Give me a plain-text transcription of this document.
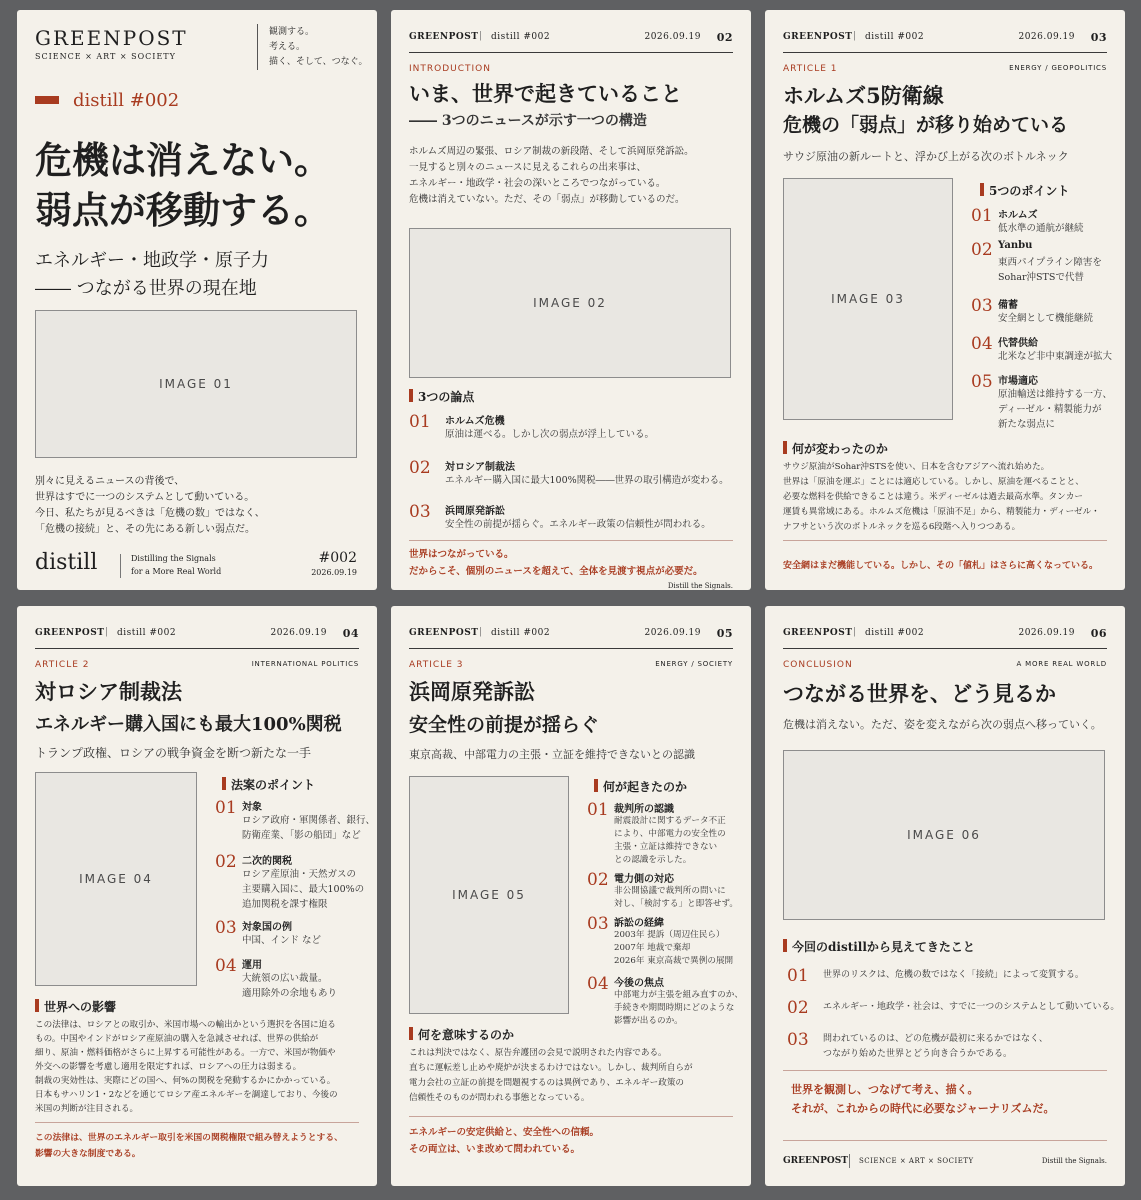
GREENPOST
SCIENCE × ART × SOCIETY
観測する。
考える。
描く、そして、つなぐ。
distill #002
危機は消えない。
弱点が移動する。
エネルギー・地政学・原子力
―― つながる世界の現在地
IMAGE 01
別々に見えるニュースの背後で、
世界はすでに一つのシステムとして動いている。
今日、私たちが見るべきは「危機の数」ではなく、
「危機の接続」と、その先にある新しい弱点だ。
distill	Distilling the Signals
for a More Real World
#002
2026.09.19
GREENPOST | distill #002	2026.09.19 02
INTRODUCTION
いま、世界で起きていること
―― 3つのニュースが示す一つの構造
ホルムズ周辺の緊張、ロシア制裁の新段階、そして浜岡原発訴訟。
一見すると別々のニュースに見えるこれらの出来事は、
エネルギー・地政学・社会の深いところでつながっている。
危機は消えていない。ただ、その「弱点」が移動しているのだ。
IMAGE 02
3つの論点
01 ホルムズ危機
原油は運べる。しかし次の弱点が浮上している。
02 対ロシア制裁法
エネルギー購入国に最大100%関税――世界の取引構造が変わる。
03 浜岡原発訴訟
安全性の前提が揺らぐ。エネルギー政策の信頼性が問われる。
世界はつながっている。
だからこそ、個別のニュースを超えて、全体を見渡す視点が必要だ。
Distill the Signals.
GREENPOST | distill #002	2026.09.19 03
ARTICLE 1	ENERGY / GEOPOLITICS
ホルムズ5防衛線
危機の「弱点」が移り始めている
サウジ原油の新ルートと、浮かび上がる次のボトルネック
IMAGE 03
5つのポイント
01 ホルムズ
低水準の通航が継続
02 Yanbu
東西パイプライン障害を
Sohar沖STSで代替
03 備蓄
安全網として機能継続
04 代替供給
北米など非中東調達が拡大
05 市場適応
原油輸送は維持する一方、
ディーゼル・精製能力が
新たな弱点に
何が変わったのか
サウジ原油がSohar沖STSを使い、日本を含むアジアへ流れ始めた。
世界は「原油を運ぶ」ことには適応している。しかし、原油を運べることと、
必要な燃料を供給できることは違う。米ディーゼルは過去最高水準。タンカー
運賃も異常域にある。ホルムズ危機は「原油不足」から、精製能力・ディーゼル・
ナフサという次のボトルネックを巡る6段階へ入りつつある。
安全網はまだ機能している。しかし、その「値札」はさらに高くなっている。
GREENPOST | distill #002	2026.09.19 04
ARTICLE 2	INTERNATIONAL POLITICS
対ロシア制裁法
エネルギー購入国にも最大100%関税
トランプ政権、ロシアの戦争資金を断つ新たな一手
IMAGE 04
法案のポイント
01 対象
ロシア政府・軍関係者、銀行、
防衛産業、「影の船団」など
02 二次的関税
ロシア産原油・天然ガスの
主要購入国に、最大100%の
追加関税を課す権限
03 対象国の例
中国、インド など
04 運用
大統領の広い裁量。
適用除外の余地もあり
世界への影響
この法律は、ロシアとの取引か、米国市場への輸出かという選択を各国に迫る
もの。中国やインドがロシア産原油の購入を急減させれば、世界の供給が
細り、原油・燃料価格がさらに上昇する可能性がある。一方で、米国が物価や
外交への影響を考慮し適用を限定すれば、ロシアへの圧力は弱まる。
制裁の実効性は、実際にどの国へ、何%の関税を発動するかにかかっている。
日本もサハリン1・2などを通じてロシア産エネルギーを調達しており、今後の
米国の判断が注目される。
この法律は、世界のエネルギー取引を米国の関税権限で組み替えようとする、
影響の大きな制度である。
GREENPOST | distill #002	2026.09.19 05
ARTICLE 3	ENERGY / SOCIETY
浜岡原発訴訟
安全性の前提が揺らぐ
東京高裁、中部電力の主張・立証を維持できないとの認識
IMAGE 05
何が起きたのか
01 裁判所の認識
耐震設計に関するデータ不正
により、中部電力の安全性の
主張・立証は維持できない
との認識を示した。
02 電力側の対応
非公開協議で裁判所の問いに
対し、「検討する」と即答せず。
03 訴訟の経緯
2003年 提訴（周辺住民ら）
2007年 地裁で棄却
2026年 東京高裁で異例の展開
04 今後の焦点
中部電力が主張を組み直すのか、
手続きや期間時期にどのような
影響が出るのか。
何を意味するのか
これは判決ではなく、原告弁護団の会見で説明された内容である。
直ちに運転差し止めや廃炉が決まるわけではない。しかし、裁判所自らが
電力会社の立証の前提を問題視するのは異例であり、エネルギー政策の
信頼性そのものが問われる事態となっている。
エネルギーの安定供給と、安全性への信頼。
その両立は、いま改めて問われている。
GREENPOST | distill #002	2026.09.19 06
CONCLUSION	A MORE REAL WORLD
つながる世界を、どう見るか
危機は消えない。ただ、姿を変えながら次の弱点へ移っていく。
IMAGE 06
今回のdistillから見えてきたこと
01 世界のリスクは、危機の数ではなく「接続」によって変質する。
02 エネルギー・地政学・社会は、すでに一つのシステムとして動いている。
03 問われているのは、どの危機が最初に来るかではなく、
つながり始めた世界とどう向き合うかである。
世界を観測し、つなげて考え、描く。
それが、これからの時代に必要なジャーナリズムだ。
GREENPOST SCIENCE × ART × SOCIETY	Distill the Signals.
